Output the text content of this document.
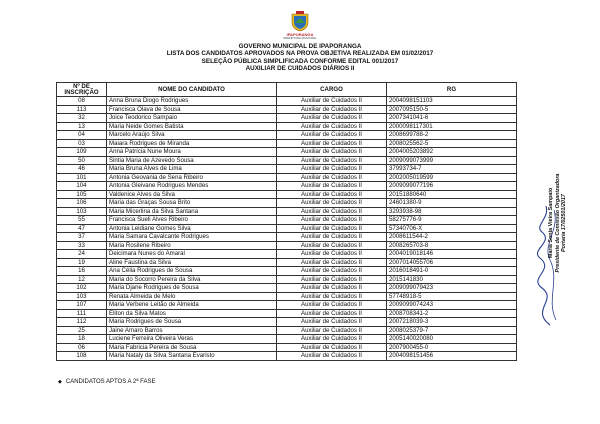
IPAPORANGA
PREFEITURA MUNICIPAL
GOVERNO MUNICIPAL DE IPAPORANGA
LISTA DOS CANDIDATOS APROVADOS NA PROVA OBJETIVA REALIZADA EM 01/02/2017
SELEÇÃO PÚBLICA SIMPLIFICADA CONFORME EDITAL 001/2017
AUXILIAR DE CUIDADOS DIÁRIOS II
Nº DE INSCRIÇÃO	NOME DO CANDIDATO	CARGO	RG
08	Anna Bruna Diogo Rodrigues	Auxiliar de Cuidados II	2004098151103
113	Francisca Olava de Sousa	Auxiliar de Cuidados II	2007095150-5
32	Joice Teodorico Sampaio	Auxiliar de Cuidados II	2007341041-6
13	Maria Neide Gomes Batista	Auxiliar de Cuidados II	2000098117301
04	Marcelo Araújo Silva	Auxiliar de Cuidados II	2008699788-2
03	Maiara Rodrigues de Miranda	Auxiliar de Cuidados II	2008025562-5
109	Anna Patrícia Nune Moura	Auxiliar de Cuidados II	2004005203892
50	Sintia Maria de Azevedo Sousa	Auxiliar de Cuidados II	2009099073999
46	Maria Bruna Alves de Lima	Auxiliar de Cuidados II	37993734-7
101	Antonia Geovania de Sena Ribeiro	Auxiliar de Cuidados II	2002005019599
104	Antonia Gleivane Rodrigues Mendes	Auxiliar de Cuidados II	2009099077196
105	Valdenice Alves da Silva	Auxiliar de Cuidados II	20151880640
106	Maria das Graças Sousa Brito	Auxiliar de Cuidados II	24601380-9
103	Maria Micerlina da Silva Santana	Auxiliar de Cuidados II	3293938-98
55	Francisca Sueli Alves Ribeiro	Auxiliar de Cuidados II	58275776-9
47	Antonia Leidiane Gomes Silva	Auxiliar de Cuidados II	57340706-X
37	Maria Samara Cavalcante Rodrigues	Auxiliar de Cuidados II	2008611544-2
33	Maria Rosilene Ribeiro	Auxiliar de Cuidados II	2008265703-8
24	Deicimara Nunes do Amaral	Auxiliar de Cuidados II	2004019018146
19	Aline Faustina da Silva	Auxiliar de Cuidados II	2007014055706
16	Ana Célia Rodrigues de Sousa	Auxiliar de Cuidados II	2016018491-0
12	Maria do Socorro Pereira da Silva	Auxiliar de Cuidados II	2015141830
102	Maria Djane Rodrigues de Sousa	Auxiliar de Cuidados II	2009099079423
103	Renata Almeida de Melo	Auxiliar de Cuidados II	57748918-5
107	Maria Verbene Leitão de Almeida	Auxiliar de Cuidados II	2009099074243
111	Eliton da Silva Matos	Auxiliar de Cuidados II	2008708341-2
112	Maria Rodrigues de Sousa	Auxiliar de Cuidados II	2007218039-3
25	Jaine Amaro Barros	Auxiliar de Cuidados II	2008025379-7
18	Luciene Ferreira Oliveira Veras	Auxiliar de Cuidados II	2005140020080
06	Maria Fabricia Pereira de Sousa	Auxiliar de Cuidados II	2007900455-0
108	Maria Nataly da Silva Santana Evaristo	Auxiliar de Cuidados II	2004098151456
◆ CANDIDATOS APTOS A 2ª FASE
Maria Sonia Vieira Sampaio Presidente da Comissão Organizadora Portaria 17/02501/2017
